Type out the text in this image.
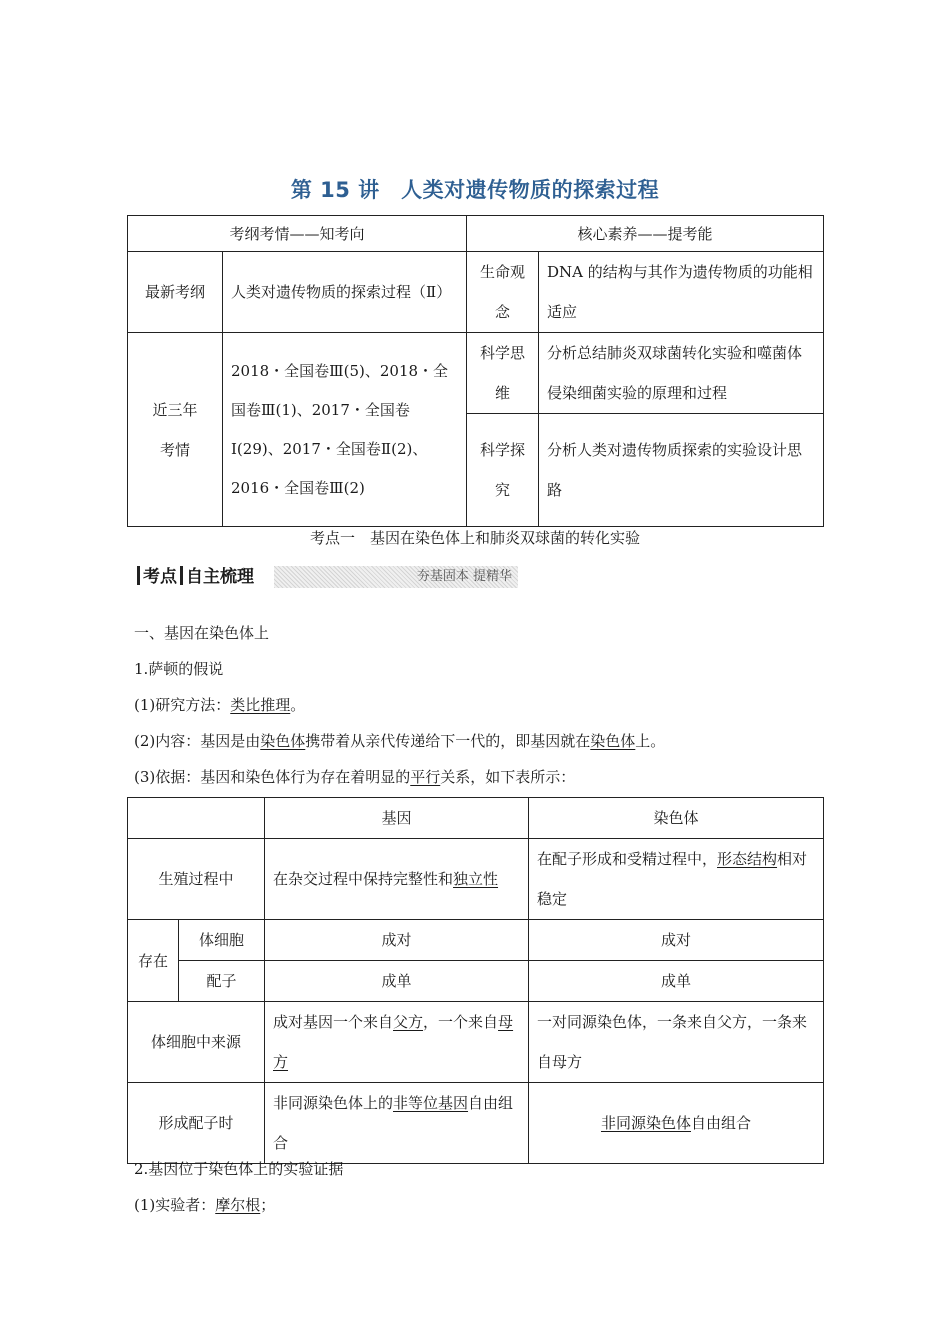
第 15 讲　人类对遗传物质的探索过程
考纲考情——知考向		核心素养——提考能	
最新考纲	人类对遗传物质的探索过程（Ⅱ）	生命观念	DNA 的结构与其作为遗传物质的功能相适应
近三年考情	2018・全国卷Ⅲ(5)、2018・全国卷Ⅲ(1)、2017・全国卷Ⅰ(29)、2017・全国卷Ⅱ(2)、2016・全国卷Ⅲ(2)	科学思维	分析总结肺炎双球菌转化实验和噬菌体侵染细菌实验的原理和过程
		科学探究	分析人类对遗传物质探索的实验设计思路
考点一　基因在染色体上和肺炎双球菌的转化实验
考点 自主梳理	夯基固本 提精华
一、基因在染色体上
1.萨顿的假说
(1)研究方法：类比推理。
(2)内容：基因是由染色体携带着从亲代传递给下一代的，即基因就在染色体上。
(3)依据：基因和染色体行为存在着明显的平行关系，如下表所示：
		基因	染色体
生殖过程中		在杂交过程中保持完整性和独立性	在配子形成和受精过程中，形态结构相对稳定
存在	体细胞	成对	成对
	配子	成单	成单
体细胞中来源		成对基因一个来自父方，一个来自母方	一对同源染色体，一条来自父方，一条来自母方
形成配子时		非同源染色体上的非等位基因自由组合	非同源染色体自由组合
2.基因位于染色体上的实验证据
(1)实验者：摩尔根；
